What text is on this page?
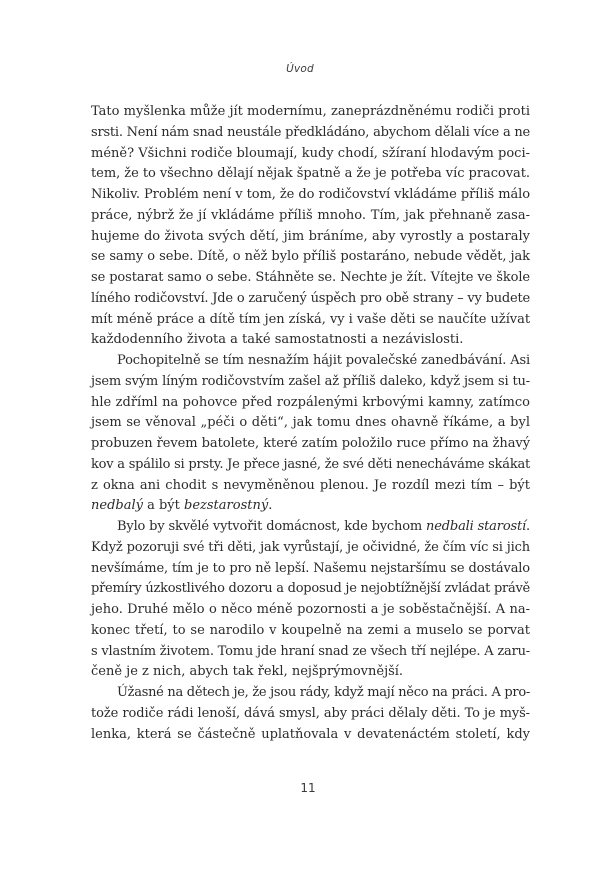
Úvod
Tato myšlenka může jít modernímu, zaneprázdněnému rodiči proti
srsti. Není nám snad neustále předkládáno, abychom dělali více a ne
méně? Všichni rodiče bloumají, kudy chodí, sžíraní hlodavým poci-
tem, že to všechno dělají nějak špatně a že je potřeba víc pracovat.
Nikoliv. Problém není v tom, že do rodičovství vkládáme příliš málo
práce, nýbrž že jí vkládáme příliš mnoho. Tím, jak přehnaně zasa-
hujeme do života svých dětí, jim bráníme, aby vyrostly a postaraly
se samy o sebe. Dítě, o něž bylo příliš postaráno, nebude vědět, jak
se postarat samo o sebe. Stáhněte se. Nechte je žít. Vítejte ve škole
líného rodičovství. Jde o zaručený úspěch pro obě strany – vy budete
mít méně práce a dítě tím jen získá, vy i vaše děti se naučíte užívat
každodenního života a také samostatnosti a nezávislosti.
Pochopitelně se tím nesnažím hájit povalečské zanedbávání. Asi
jsem svým líným rodičovstvím zašel až příliš daleko, když jsem si tu-
hle zdříml na pohovce před rozpálenými krbovými kamny, zatímco
jsem se věnoval „péči o děti“, jak tomu dnes ohavně říkáme, a byl
probuzen řevem batolete, které zatím položilo ruce přímo na žhavý
kov a spálilo si prsty. Je přece jasné, že své děti nenecháváme skákat
z okna ani chodit s nevyměněnou plenou. Je rozdíl mezi tím – být
nedbalý a být bezstarostný.
Bylo by skvělé vytvořit domácnost, kde bychom nedbali starostí.
Když pozoruji své tři děti, jak vyrůstají, je očividné, že čím víc si jich
nevšímáme, tím je to pro ně lepší. Našemu nejstaršímu se dostávalo
přemíry úzkostlivého dozoru a doposud je nejobtížnější zvládat právě
jeho. Druhé mělo o něco méně pozornosti a je soběstačnější. A na-
konec třetí, to se narodilo v koupelně na zemi a muselo se porvat
s vlastním životem. Tomu jde hraní snad ze všech tří nejlépe. A zaru-
čeně je z nich, abych tak řekl, nejšprýmovnější.
Úžasné na dětech je, že jsou rády, když mají něco na práci. A pro-
tože rodiče rádi lenoší, dává smysl, aby práci dělaly děti. To je myš-
lenka, která se částečně uplatňovala v devatenáctém století, kdy
11
